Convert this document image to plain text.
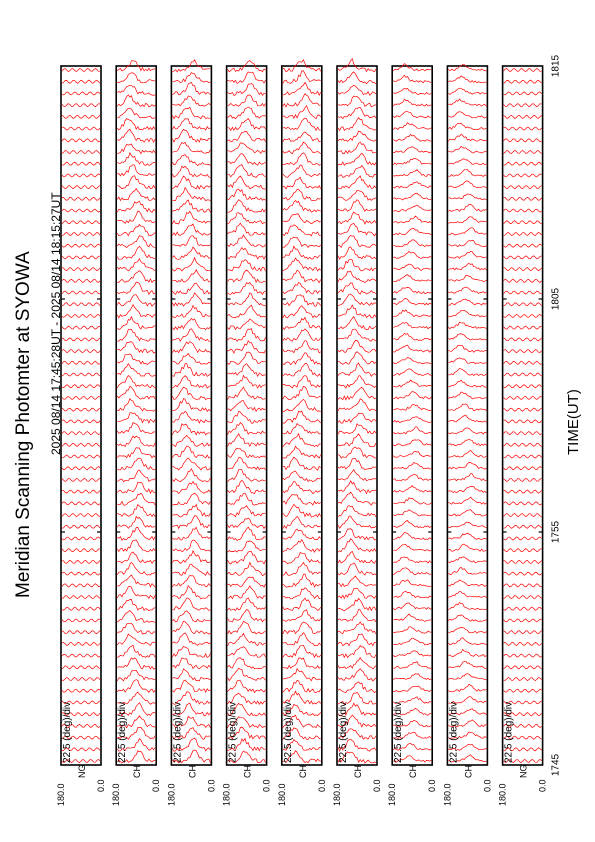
22.5 (deg)/div
180.0	0.0
NG
22.5 (deg)/div
180.0	0.0
CH
22.5 (deg)/div
180.0	0.0
CH
22.5 (deg)/div
180.0	0.0
CH
22.5 (deg)/div
180.0	0.0
CH
22.5 (deg)/div
180.0	0.0
CH
22.5 (deg)/div
180.0	0.0
CH
22.5 (deg)/div
180.0	0.0
CH
22.5 (deg)/div
180.0	0.0
NG 1745
1755
1805
1815
Meridian Scanning Photomter at SYOWA 2025 08/14 17:45:28UT - 2025 08/14 18:15:27UT	TIME(UT)
